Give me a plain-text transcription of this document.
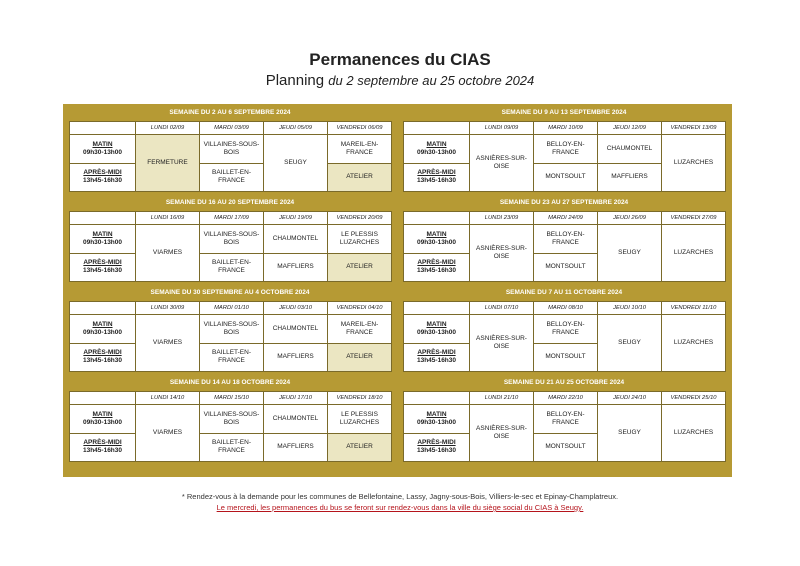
Permanences du CIAS
Planning du 2 septembre au 25 octobre 2024
SEMAINE DU 2 AU 6 SEPTEMBRE 2024
	LUNDI 02/09	MARDI 03/09	JEUDI 05/09	VENDREDI 06/09

MATIN
09h30-13h00	FERMETURE	VILLAINES-SOUS-BOIS	SEUGY	MAREIL-EN-FRANCE

APRÈS-MIDI
13h45-16h30		BAILLET-EN-FRANCE		ATELIER
SEMAINE DU 9 AU 13 SEPTEMBRE 2024
	LUNDI 09/09	MARDI 10/09	JEUDI 12/09	VENDREDI 13/09

MATIN
09h30-13h00	ASNIÈRES-SUR-OISE	BELLOY-EN-FRANCE	CHAUMONTEL	LUZARCHES

APRÈS-MIDI
13h45-16h30		MONTSOULT	MAFFLIERS	
SEMAINE DU 16 AU 20 SEPTEMBRE 2024
	LUNDI 16/09	MARDI 17/09	JEUDI 19/09	VENDREDI 20/09

MATIN
09h30-13h00	VIARMES	VILLAINES-SOUS-BOIS	CHAUMONTEL	LE PLESSIS LUZARCHES

APRÈS-MIDI
13h45-16h30		BAILLET-EN-FRANCE	MAFFLIERS	ATELIER
SEMAINE DU 23 AU 27 SEPTEMBRE 2024
	LUNDI 23/09	MARDI 24/09	JEUDI 26/09	VENDREDI 27/09

MATIN
09h30-13h00	ASNIÈRES-SUR-OISE	BELLOY-EN-FRANCE	SEUGY	LUZARCHES

APRÈS-MIDI
13h45-16h30		MONTSOULT		
SEMAINE DU 30 SEPTEMBRE AU 4 OCTOBRE 2024
	LUNDI 30/09	MARDI 01/10	JEUDI 03/10	VENDREDI 04/10

MATIN
09h30-13h00	VIARMES	VILLAINES-SOUS-BOIS	CHAUMONTEL	MAREIL-EN-FRANCE

APRÈS-MIDI
13h45-16h30		BAILLET-EN-FRANCE	MAFFLIERS	ATELIER
SEMAINE DU 7 AU 11 OCTOBRE 2024
	LUNDI 07/10	MARDI 08/10	JEUDI 10/10	VENDREDI 11/10

MATIN
09h30-13h00	ASNIÈRES-SUR-OISE	BELLOY-EN-FRANCE	SEUGY	LUZARCHES

APRÈS-MIDI
13h45-16h30		MONTSOULT		
SEMAINE DU 14 AU 18 OCTOBRE 2024
	LUNDI 14/10	MARDI 15/10	JEUDI 17/10	VENDREDI 18/10

MATIN
09h30-13h00	VIARMES	VILLAINES-SOUS-BOIS	CHAUMONTEL	LE PLESSIS LUZARCHES

APRÈS-MIDI
13h45-16h30		BAILLET-EN-FRANCE	MAFFLIERS	ATELIER
SEMAINE DU 21 AU 25 OCTOBRE 2024
	LUNDI 21/10	MARDI 22/10	JEUDI 24/10	VENDREDI 25/10

MATIN
09h30-13h00	ASNIÈRES-SUR-OISE	BELLOY-EN-FRANCE	SEUGY	LUZARCHES

APRÈS-MIDI
13h45-16h30		MONTSOULT		
* Rendez-vous à la demande pour les communes de Bellefontaine, Lassy, Jagny-sous-Bois, Villiers-le-sec et Epinay-Champlatreux.
Le mercredi, les permanences du bus se feront sur rendez-vous dans la ville du siège social du CIAS à Seugy.
